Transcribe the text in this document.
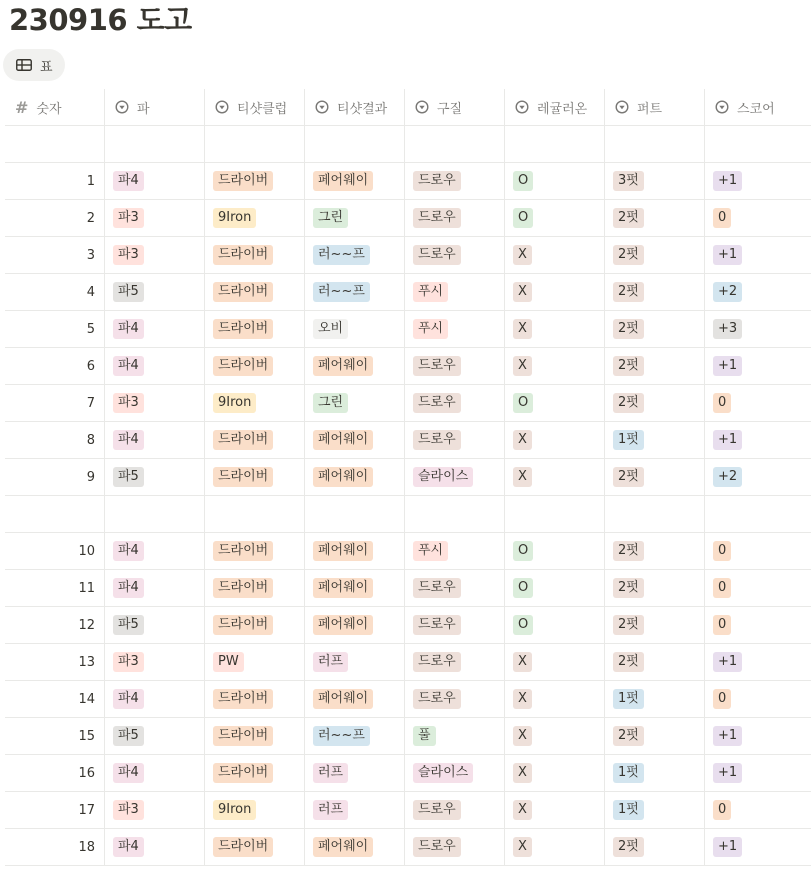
230916 도고
표
# 숫자	파	티샷클럽	티샷결과	구질	레귤러온	퍼트	스코어
1	파4	드라이버	페어웨이	드로우	O	3펏	+1
2	파3	9Iron	그린	드로우	O	2펏	0
3	파3	드라이버	러~~프	드로우	X	2펏	+1
4	파5	드라이버	러~~프	푸시	X	2펏	+2
5	파4	드라이버	오비	푸시	X	2펏	+3
6	파4	드라이버	페어웨이	드로우	X	2펏	+1
7	파3	9Iron	그린	드로우	O	2펏	0
8	파4	드라이버	페어웨이	드로우	X	1펏	+1
9	파5	드라이버	페어웨이	슬라이스	X	2펏	+2
10	파4	드라이버	페어웨이	푸시	O	2펏	0
11	파4	드라이버	페어웨이	드로우	O	2펏	0
12	파5	드라이버	페어웨이	드로우	O	2펏	0
13	파3	PW	러프	드로우	X	2펏	+1
14	파4	드라이버	페어웨이	드로우	X	1펏	0
15	파5	드라이버	러~~프	풀	X	2펏	+1
16	파4	드라이버	러프	슬라이스	X	1펏	+1
17	파3	9Iron	러프	드로우	X	1펏	0
18	파4	드라이버	페어웨이	드로우	X	2펏	+1
